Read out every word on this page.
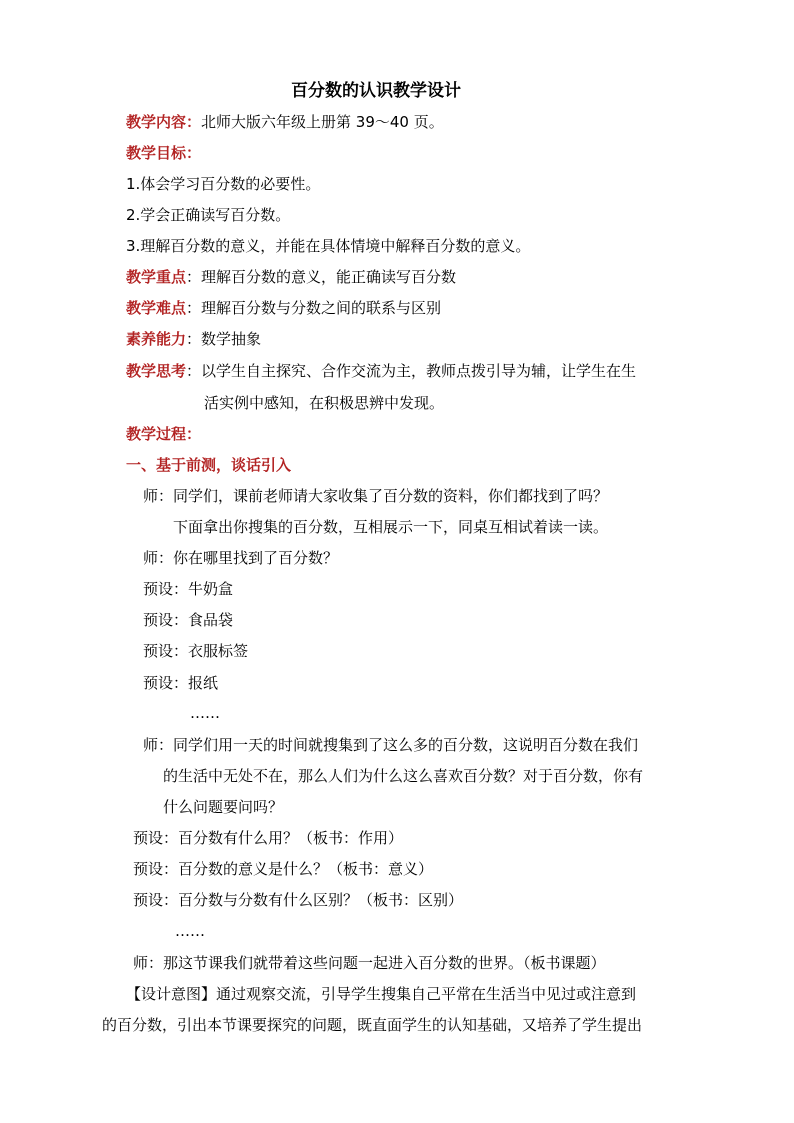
百分数的认识教学设计
教学内容：北师大版六年级上册第 39～40 页。
教学目标：
1.体会学习百分数的必要性。
2.学会正确读写百分数。
3.理解百分数的意义，并能在具体情境中解释百分数的意义。
教学重点：理解百分数的意义，能正确读写百分数
教学难点：理解百分数与分数之间的联系与区别
素养能力：数学抽象
教学思考：以学生自主探究、合作交流为主，教师点拨引导为辅，让学生在生
活实例中感知，在积极思辨中发现。
教学过程：
一、基于前测，谈话引入
师：同学们，课前老师请大家收集了百分数的资料，你们都找到了吗？
下面拿出你搜集的百分数，互相展示一下，同桌互相试着读一读。
师：你在哪里找到了百分数？
预设：牛奶盒
预设：食品袋
预设：衣服标签
预设：报纸
……
师：同学们用一天的时间就搜集到了这么多的百分数，这说明百分数在我们
的生活中无处不在，那么人们为什么这么喜欢百分数？对于百分数，你有
什么问题要问吗？
预设：百分数有什么用？（板书：作用）
预设：百分数的意义是什么？（板书：意义）
预设：百分数与分数有什么区别？（板书：区别）
……
师：那这节课我们就带着这些问题一起进入百分数的世界。（板书课题）
【设计意图】通过观察交流，引导学生搜集自己平常在生活当中见过或注意到
的百分数，引出本节课要探究的问题，既直面学生的认知基础，又培养了学生提出
